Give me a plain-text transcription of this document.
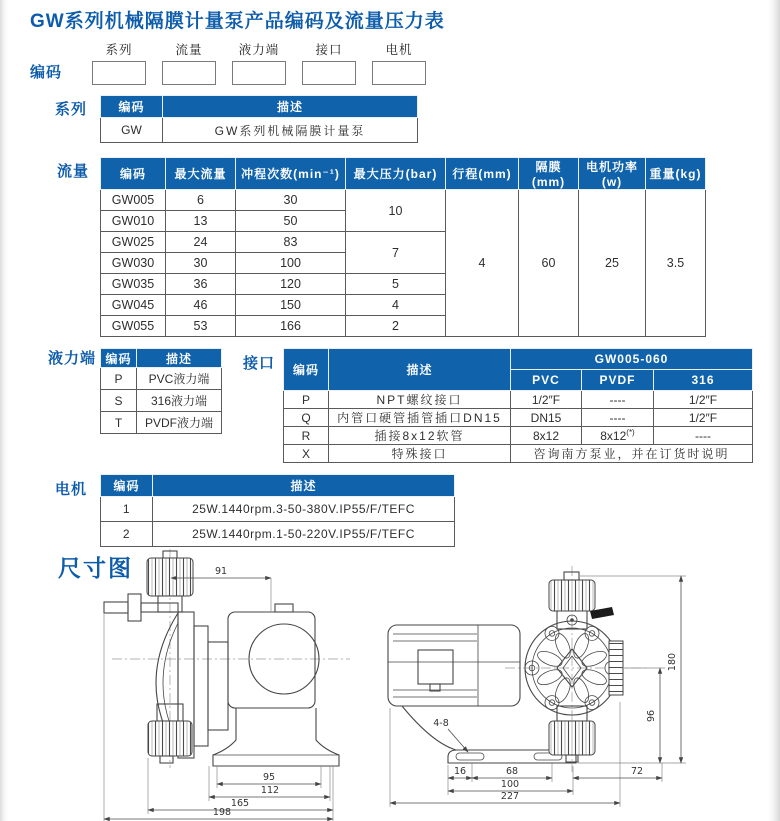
GW系列机械隔膜计量泵产品编码及流量压力表
编码
系列	流量	液力端	接口	电机
系列	编码	描述
GW	GW系列机械隔膜计量泵
流量	编码	最大流量	冲程次数(min⁻¹)	最大压力(bar)	行程(mm)	隔膜(mm)	电机功率(w)	重量(kg)
GW005	6	30	10	4	60	25	3.5
GW010	13	50					
GW025	24	83	7				
GW030	30	100					
GW035	36	120	5				
GW045	46	150	4				
GW055	53	166	2				
液力端 编码	描述
P	PVC液力端
S	316液力端
T	PVDF液力端
接口 编码	描述	GW005-060		
		PVC	PVDF	316
P	NPT螺纹接口	1/2″F	----	1/2″F
Q	内管口硬管插管插口DN15	DN15	----	1/2″F
R	插接8x12软管	8x12	8x12(*)	----
X	特殊接口	咨询南方泵业，并在订货时说明		
电机 编码	描述
1	25W.1440rpm.3-50-380V.IP55/F/TEFC
2	25W.1440rpm.1-50-220V.IP55/F/TEFC
尺寸图	91
95
112
165
198
4-8
16	68	72
100
227
96
180
